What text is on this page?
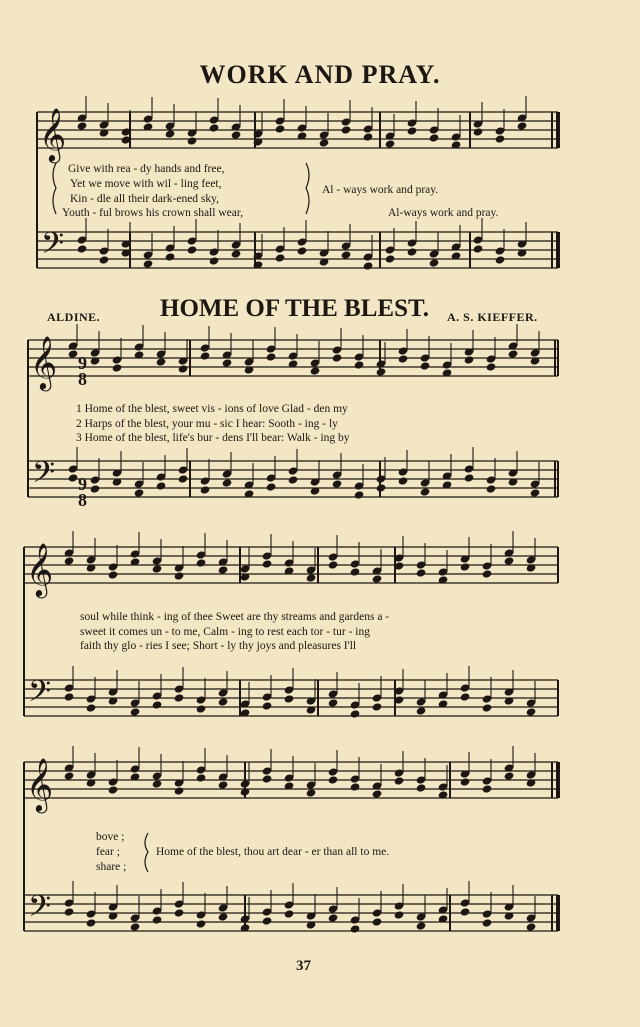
WORK AND PRAY.
Give with rea - dy hands and free,
Yet we move with wil - ling feet,
Kin - dle all their dark-ened sky,
Youth - ful brows his crown shall wear,
Al - ways work and pray.
Al-ways work and pray.
ALDINE. HOME OF THE BLEST. A. S. KIEFFER.
1 Home of the blest, sweet vis - ions of love Glad - den my
2 Harps of the blest, your mu - sic I hear: Sooth - ing - ly
3 Home of the blest, life's bur - dens I'll bear: Walk - ing by
soul while think - ing of thee Sweet are thy streams and gardens a -
sweet it comes un - to me, Calm - ing to rest each tor - tur - ing
faith thy glo - ries I see; Short - ly thy joys and pleasures I'll
bove ;
fear ;
share ;
Home of the blest, thou art dear - er than all to me.
37
𝄞
𝄢
𝄞
𝄢
𝄞
𝄢
𝄞
𝄢
9
8
9
8
